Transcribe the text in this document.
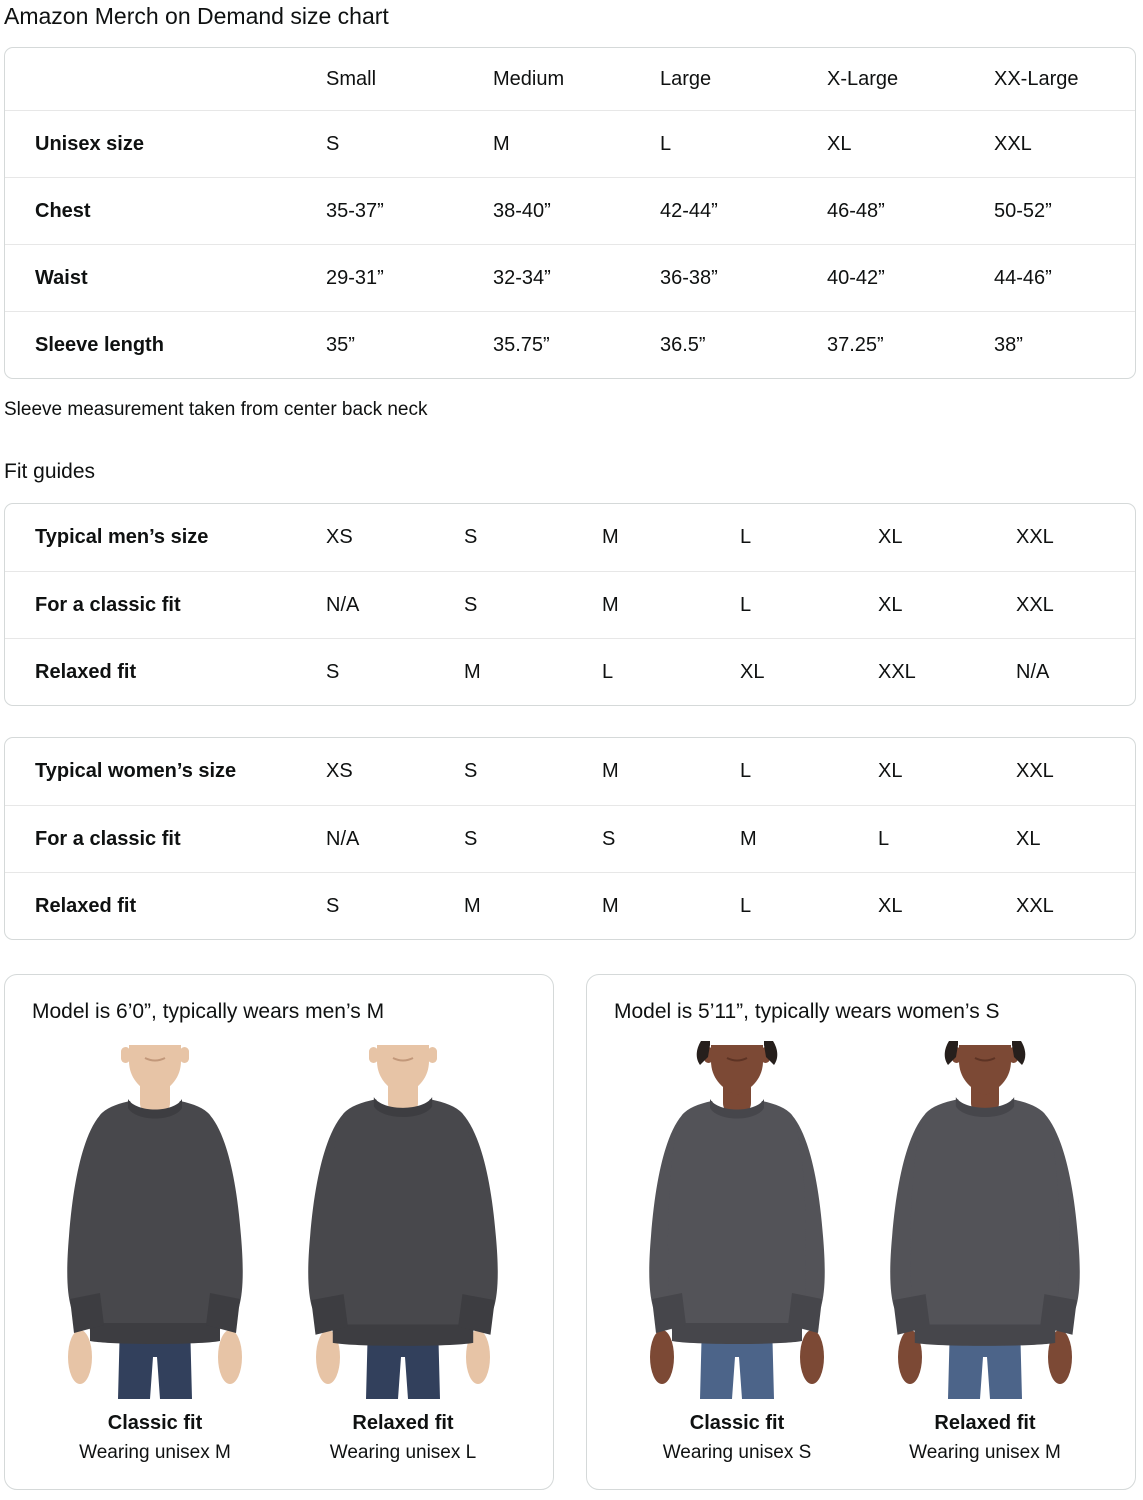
Amazon Merch on Demand size chart
	Small	Medium	Large	X-Large	XX-Large
Unisex size	S	M	L	XL	XXL
Chest	35-37”	38-40”	42-44”	46-48”	50-52”
Waist	29-31”	32-34”	36-38”	40-42”	44-46”
Sleeve length	35”	35.75”	36.5”	37.25”	38”

Sleeve measurement taken from center back neck

Fit guides
Typical men’s size	XS	S	M	L	XL	XXL
For a classic fit	N/A	S	M	L	XL	XXL
Relaxed fit	S	M	L	XL	XXL	N/A
Typical women’s size	XS	S	M	L	XL	XXL
For a classic fit	N/A	S	S	M	L	XL
Relaxed fit	S	M	M	L	XL	XXL
Model is 6’0”, typically wears men’s M
Classic fit
Wearing unisex M
Relaxed fit
Wearing unisex L
Model is 5’11”, typically wears women’s S
Classic fit
Wearing unisex S
Relaxed fit
Wearing unisex M
